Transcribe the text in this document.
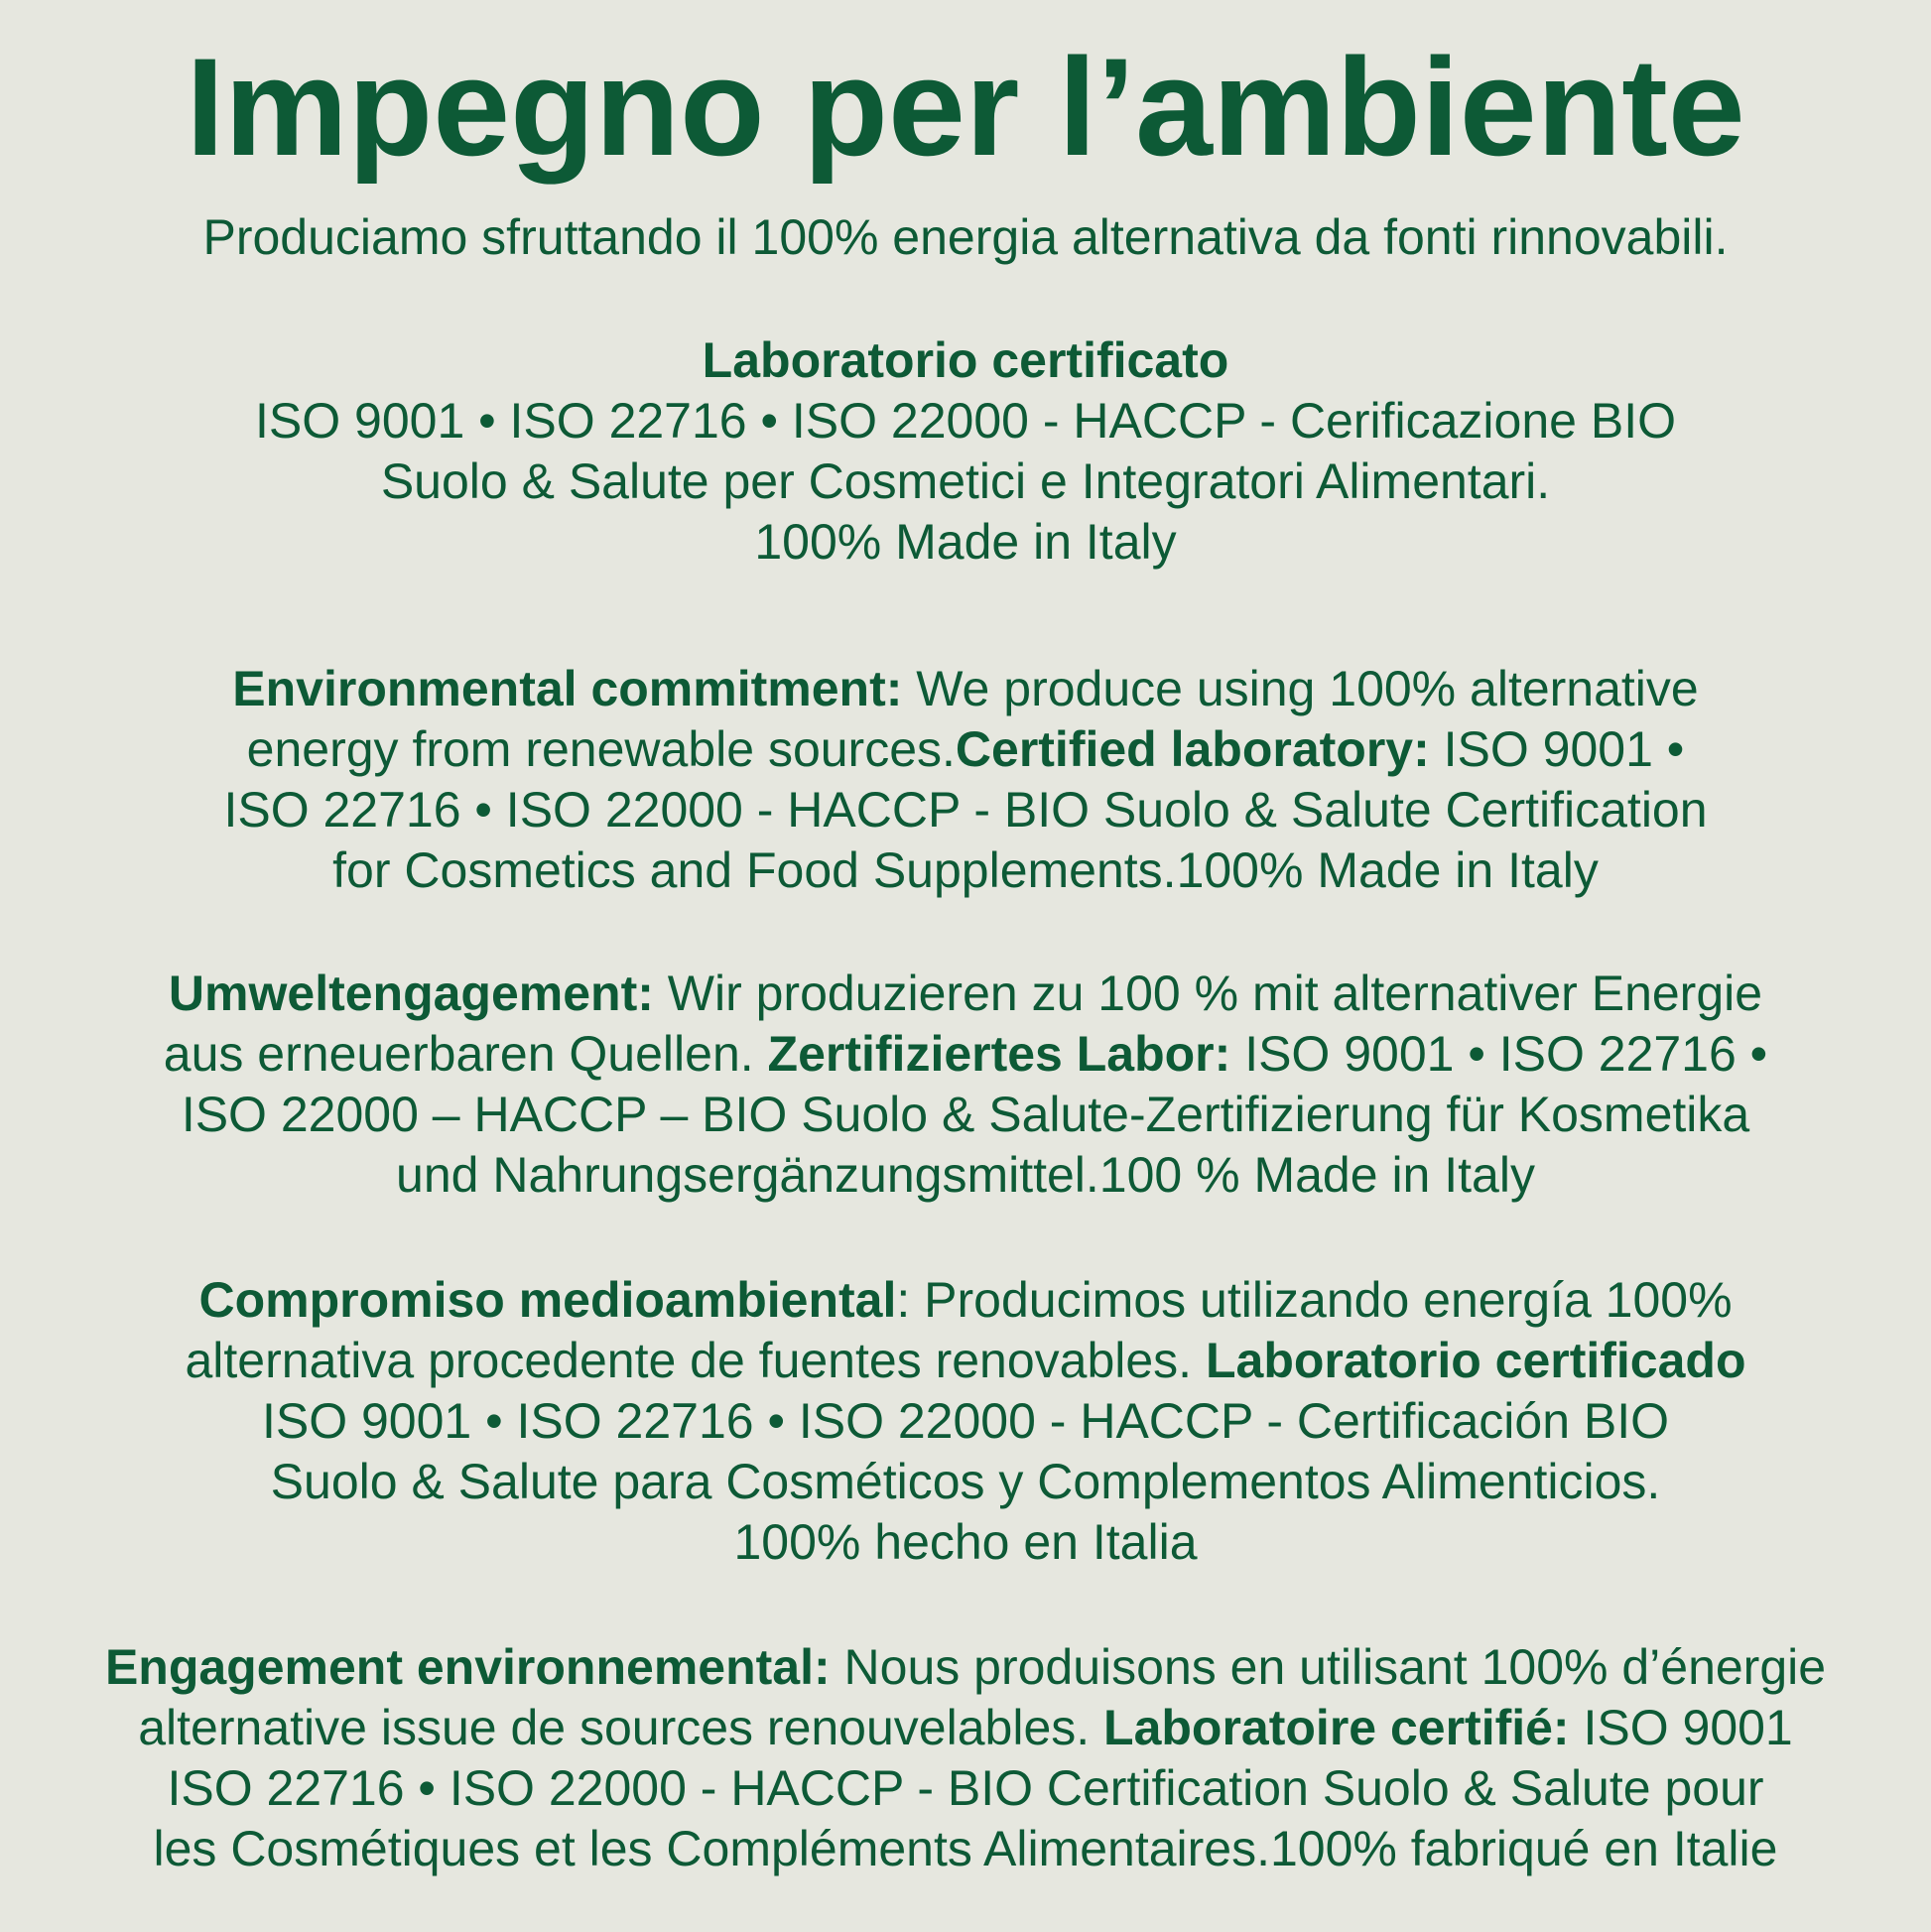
Impegno per l’ambiente
Produciamo sfruttando il 100% energia alternativa da fonti rinnovabili.
Laboratorio certificato
ISO 9001 • ISO 22716 • ISO 22000 - HACCP - Cerificazione BIO
Suolo & Salute per Cosmetici e Integratori Alimentari.
100% Made in Italy
Environmental commitment: We produce using 100% alternative
energy from renewable sources.Certified laboratory: ISO 9001 •
ISO 22716 • ISO 22000 - HACCP - BIO Suolo & Salute Certification
for Cosmetics and Food Supplements.100% Made in Italy
Umweltengagement: Wir produzieren zu 100 % mit alternativer Energie
aus erneuerbaren Quellen. Zertifiziertes Labor: ISO 9001 • ISO 22716 •
ISO 22000 – HACCP – BIO Suolo & Salute-Zertifizierung für Kosmetika
und Nahrungsergänzungsmittel.100 % Made in Italy
Compromiso medioambiental: Producimos utilizando energía 100%
alternativa procedente de fuentes renovables. Laboratorio certificado
ISO 9001 • ISO 22716 • ISO 22000 - HACCP - Certificación BIO
Suolo & Salute para Cosméticos y Complementos Alimenticios.
100% hecho en Italia
Engagement environnemental: Nous produisons en utilisant 100% d’énergie
alternative issue de sources renouvelables. Laboratoire certifié: ISO 9001
ISO 22716 • ISO 22000 - HACCP - BIO Certification Suolo & Salute pour
les Cosmétiques et les Compléments Alimentaires.100% fabriqué en Italie
